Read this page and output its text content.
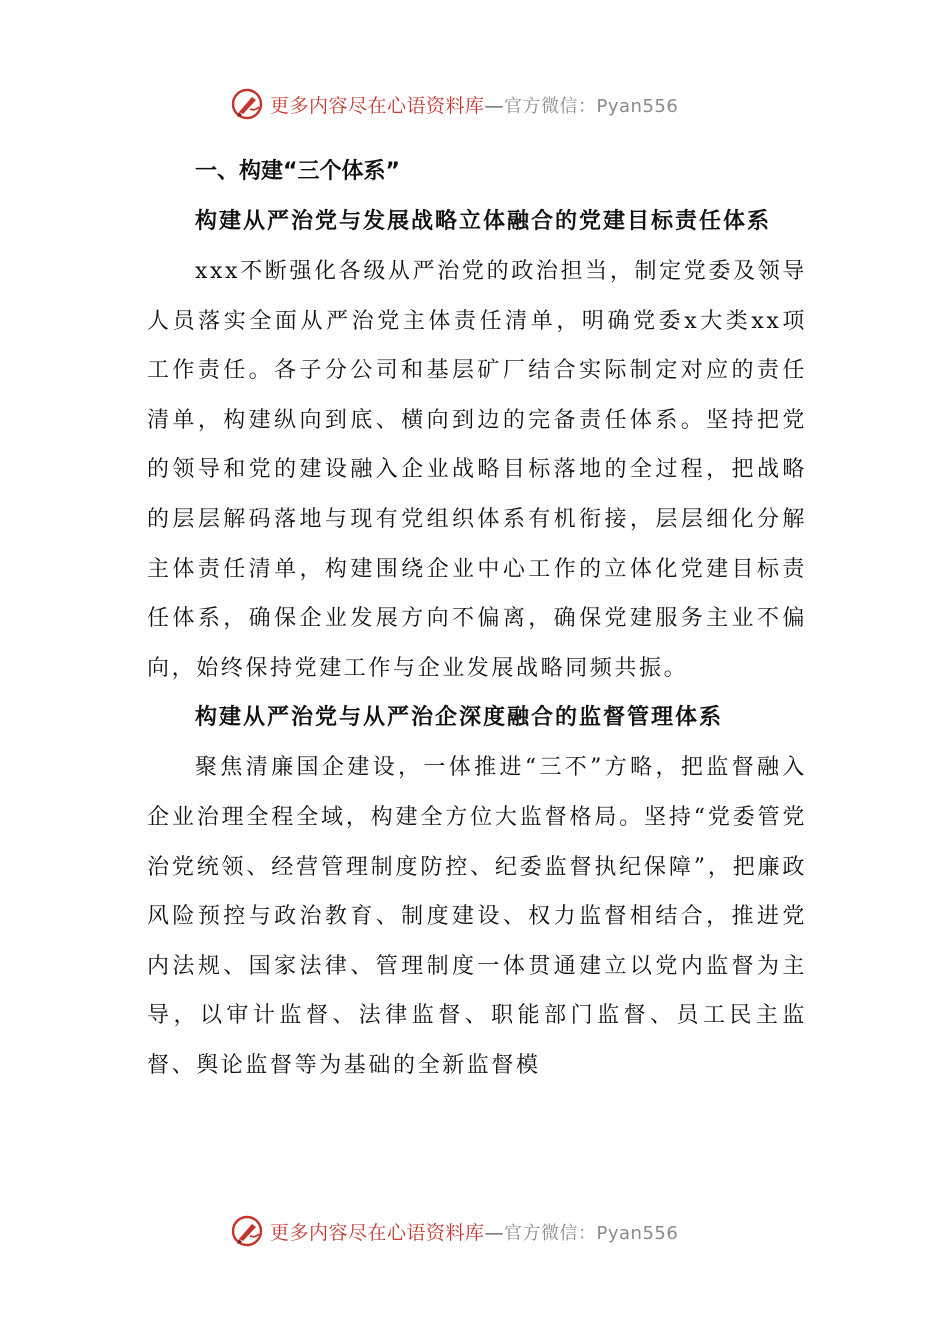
更多内容尽在心语资料库—官方微信：Pyan556

一、构建“三个体系”

构建从严治党与发展战略立体融合的党建目标责任体系

xxx不断强化各级从严治党的政治担当，制定党委及领导人员落实全面从严治党主体责任清单，明确党委x大类xx项工作责任。各子分公司和基层矿厂结合实际制定对应的责任清单，构建纵向到底、横向到边的完备责任体系。坚持把党的领导和党的建设融入企业战略目标落地的全过程，把战略的层层解码落地与现有党组织体系有机衔接，层层细化分解主体责任清单，构建围绕企业中心工作的立体化党建目标责任体系，确保企业发展方向不偏离，确保党建服务主业不偏向，始终保持党建工作与企业发展战略同频共振。

构建从严治党与从严治企深度融合的监督管理体系

聚焦清廉国企建设，一体推进“三不”方略，把监督融入企业治理全程全域，构建全方位大监督格局。坚持“党委管党治党统领、经营管理制度防控、纪委监督执纪保障”，把廉政风险预控与政治教育、制度建设、权力监督相结合，推进党内法规、国家法律、管理制度一体贯通建立以党内监督为主导，以审计监督、法律监督、职能部门监督、员工民主监督、舆论监督等为基础的全新监督模

更多内容尽在心语资料库—官方微信：Pyan556
